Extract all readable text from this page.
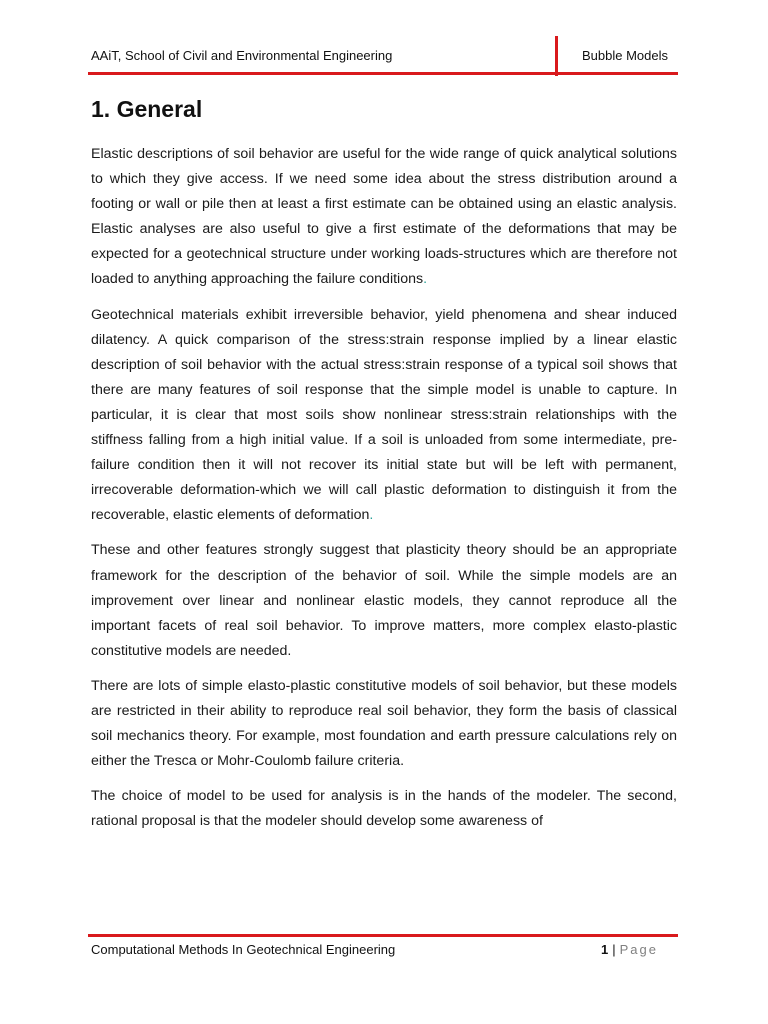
AAiT, School of Civil and Environmental Engineering	Bubble Models
1. General

Elastic descriptions of soil behavior are useful for the wide range of quick analytical solutions to which they give access. If we need some idea about the stress distribution around a footing or wall or pile then at least a first estimate can be obtained using an elastic analysis. Elastic analyses are also useful to give a first estimate of the deformations that may be expected for a geotechnical structure under working loads-structures which are therefore not loaded to anything approaching the failure conditions.

Geotechnical materials exhibit irreversible behavior, yield phenomena and shear induced dilatency. A quick comparison of the stress:strain response implied by a linear elastic description of soil behavior with the actual stress:strain response of a typical soil shows that there are many features of soil response that the simple model is unable to capture. In particular, it is clear that most soils show nonlinear stress:strain relationships with the stiffness falling from a high initial value. If a soil is unloaded from some intermediate, pre-failure condition then it will not recover its initial state but will be left with permanent, irrecoverable deformation-which we will call plastic deformation to distinguish it from the recoverable, elastic elements of deformation.

These and other features strongly suggest that plasticity theory should be an appropriate framework for the description of the behavior of soil. While the simple models are an improvement over linear and nonlinear elastic models, they cannot reproduce all the important facets of real soil behavior. To improve matters, more complex elasto-plastic constitutive models are needed.

There are lots of simple elasto-plastic constitutive models of soil behavior, but these models are restricted in their ability to reproduce real soil behavior, they form the basis of classical soil mechanics theory. For example, most foundation and earth pressure calculations rely on either the Tresca or Mohr-Coulomb failure criteria.

The choice of model to be used for analysis is in the hands of the modeler. The second, rational proposal is that the modeler should develop some awareness of

Computational Methods In Geotechnical Engineering	1 | Page
